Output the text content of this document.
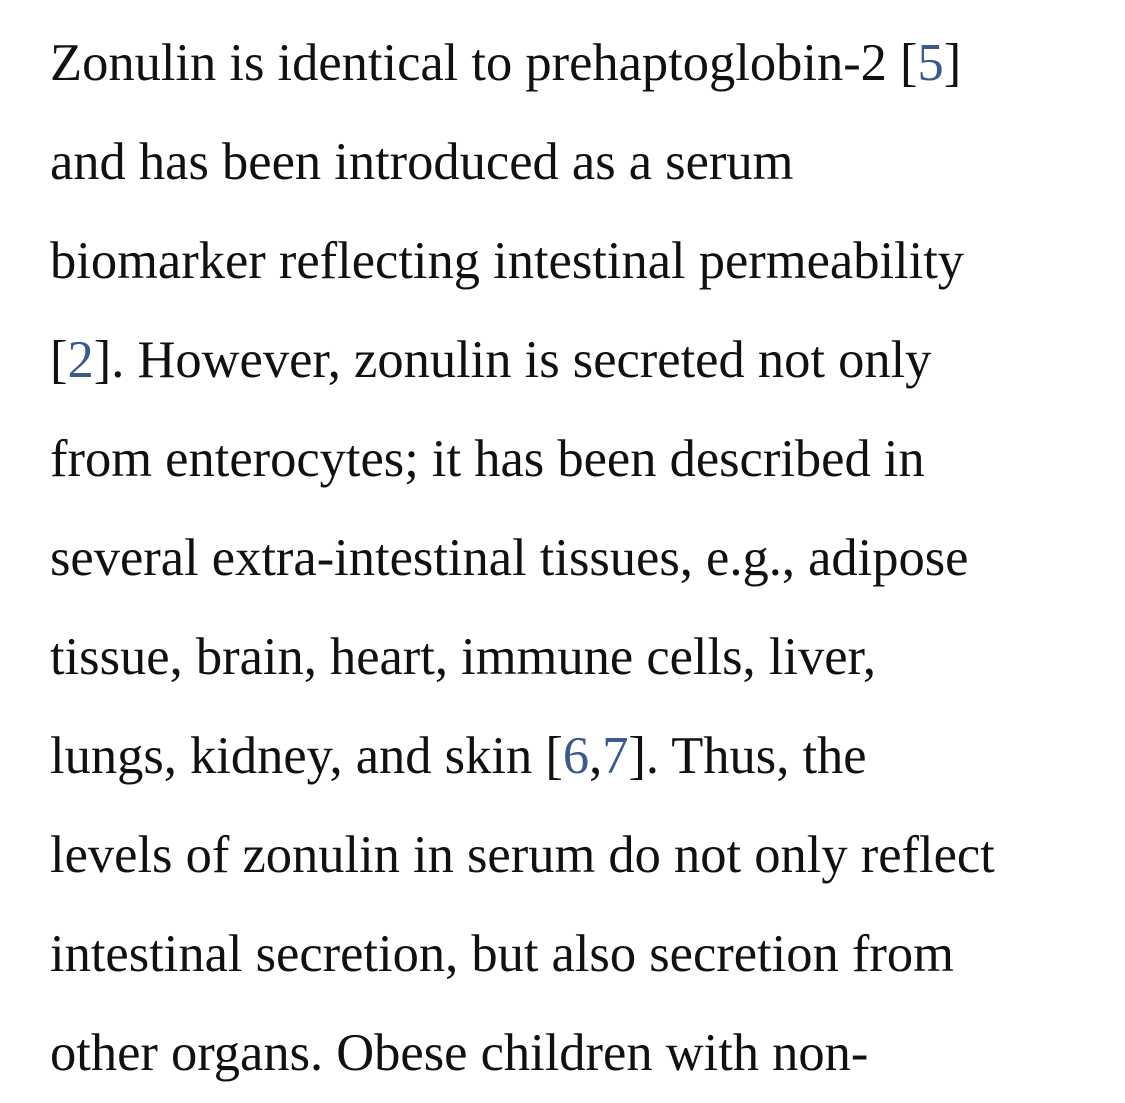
Zonulin is identical to prehaptoglobin-2 [5]
and has been introduced as a serum
biomarker reflecting intestinal permeability
[2]. However, zonulin is secreted not only
from enterocytes; it has been described in
several extra-intestinal tissues, e.g., adipose
tissue, brain, heart, immune cells, liver,
lungs, kidney, and skin [6,7]. Thus, the
levels of zonulin in serum do not only reflect
intestinal secretion, but also secretion from
other organs. Obese children with non-
